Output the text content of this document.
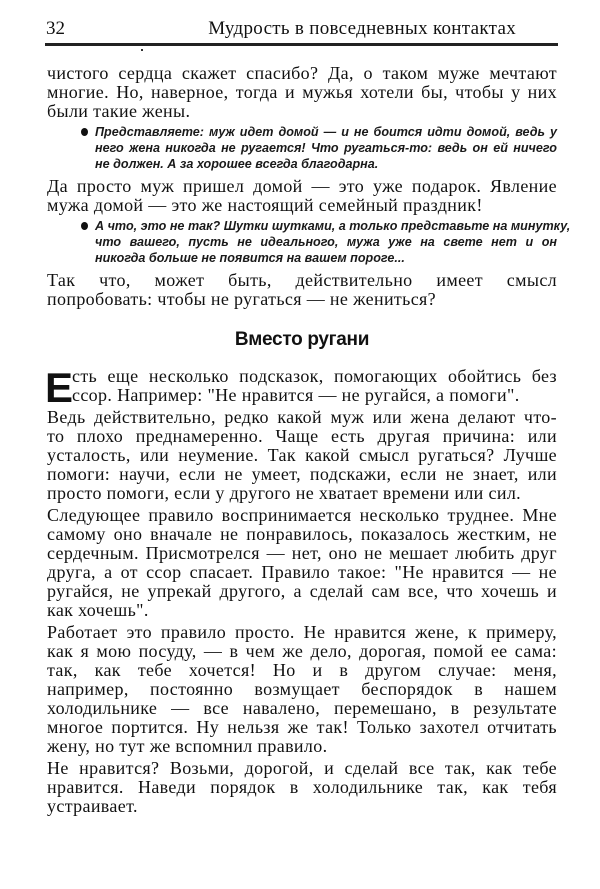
32	Мудрость в повседневных контактах
чистого сердца скажет спасибо? Да, о таком муже мечтают
многие. Но, наверное, тогда и мужья хотели бы, чтобы у них
были такие жены.
Представляете: муж идет домой — и не боится идти домой, ведь у
него жена никогда не ругается! Что ругаться-то: ведь он ей ничего
не должен. А за хорошее всегда благодарна.
Да просто муж пришел домой — это уже подарок. Явление
мужа домой — это же настоящий семейный праздник!
А что, это не так? Шутки шутками, а только представьте на минутку,
что вашего, пусть не идеального, мужа уже на свете нет и он
никогда больше не появится на вашем пороге...
Так что, может быть, действительно имеет смысл
попробовать: чтобы не ругаться — не жениться?
Вместо ругани
Е
сть еще несколько подсказок, помогающих обойтись без
ссор. Например: "Не нравится — не ругайся, а помоги".
Ведь действительно, редко какой муж или жена делают что-
то плохо преднамеренно. Чаще есть другая причина: или
усталость, или неумение. Так какой смысл ругаться? Лучше
помоги: научи, если не умеет, подскажи, если не знает, или
просто помоги, если у другого не хватает времени или сил.
Следующее правило воспринимается несколько труднее. Мне
самому оно вначале не понравилось, показалось жестким, не
сердечным. Присмотрелся — нет, оно не мешает любить друг
друга, а от ссор спасает. Правило такое: "Не нравится — не
ругайся, не упрекай другого, а сделай сам все, что хочешь и
как хочешь".
Работает это правило просто. Не нравится жене, к примеру,
как я мою посуду, — в чем же дело, дорогая, помой ее сама:
так, как тебе хочется! Но и в другом случае: меня,
например, постоянно возмущает беспорядок в нашем
холодильнике — все навалено, перемешано, в результате
многое портится. Ну нельзя же так! Только захотел отчитать
жену, но тут же вспомнил правило.
Не нравится? Возьми, дорогой, и сделай все так, как тебе
нравится. Наведи порядок в холодильнике так, как тебя
устраивает.
